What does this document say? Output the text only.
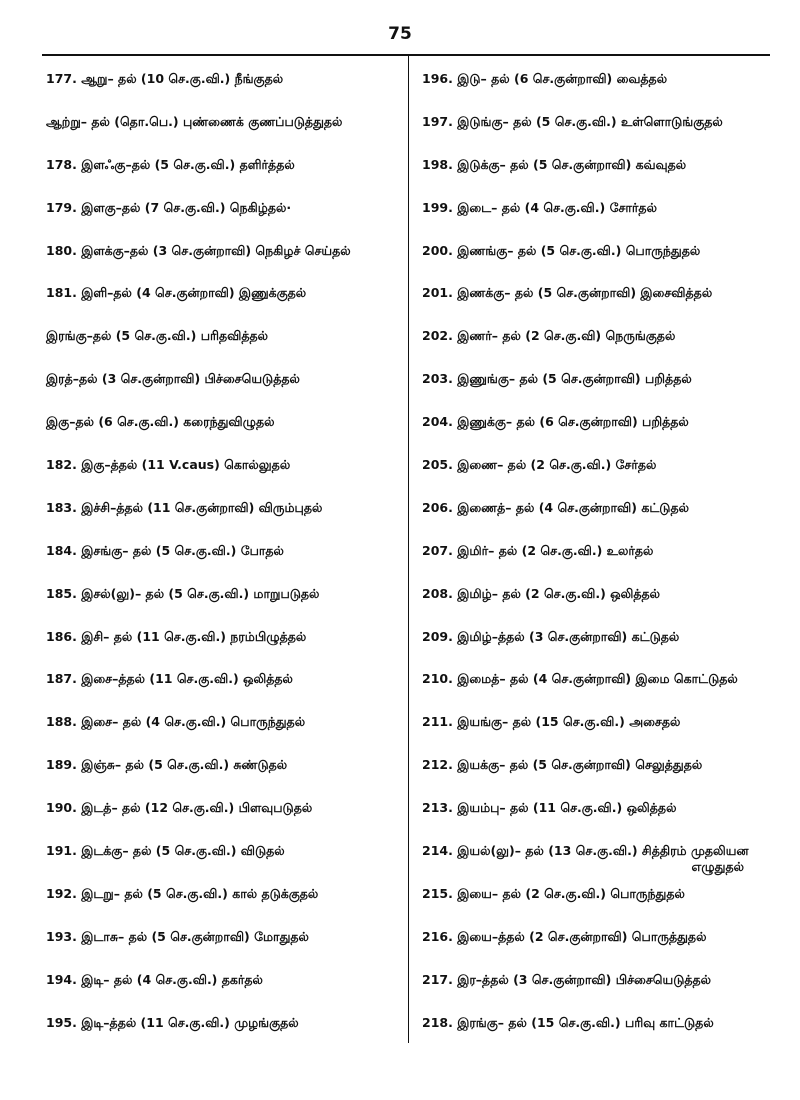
75
177. ஆறு– தல் (10 செ.கு.வி.) நீங்குதல்
ஆற்று– தல் (தொ.பெ.) புண்ணைக் குணப்படுத்துதல்
178. இளஃகு–தல் (5 செ.கு.வி.) தளிர்த்தல்
179. இளகு–தல் (7 செ.கு.வி.) நெகிழ்தல்·
180. இளக்கு–தல் (3 செ.குன்றாவி) நெகிழச் செய்தல்
181. இளி–தல் (4 செ.குன்றாவி) இணுக்குதல்
இரங்கு–தல் (5 செ.கு.வி.) பரிதவித்தல்
இரத்–தல் (3 செ.குன்றாவி) பிச்சையெடுத்தல்
இகு–தல் (6 செ.கு.வி.) கரைந்துவிழுதல்
182. இகு–த்தல் (11 V.caus) கொல்லுதல்
183. இச்சி–த்தல் (11 செ.குன்றாவி) விரும்புதல்
184. இசங்கு– தல் (5 செ.கு.வி.) போதல்
185. இசல்(லு)– தல் (5 செ.கு.வி.) மாறுபடுதல்
186. இசி– தல் (11 செ.கு.வி.) நரம்பிழுத்தல்
187. இசை–த்தல் (11 செ.கு.வி.) ஒலித்தல்
188. இசை– தல் (4 செ.கு.வி.) பொருந்துதல்
189. இஞ்சு– தல் (5 செ.கு.வி.) சுண்டுதல்
190. இடத்– தல் (12 செ.கு.வி.) பிளவுபடுதல்
191. இடக்கு– தல் (5 செ.கு.வி.) விடுதல்
192. இடறு– தல் (5 செ.கு.வி.) கால் தடுக்குதல்
193. இடாசு– தல் (5 செ.குன்றாவி) மோதுதல்
194. இடி– தல் (4 செ.கு.வி.) தகர்தல்
195. இடி–த்தல் (11 செ.கு.வி.) முழங்குதல்
196. இடு– தல் (6 செ.குன்றாவி) வைத்தல்
197. இடுங்கு– தல் (5 செ.கு.வி.) உள்ளொடுங்குதல்
198. இடுக்கு– தல் (5 செ.குன்றாவி) கவ்வுதல்
199. இடை– தல் (4 செ.கு.வி.) சோர்தல்
200. இணங்கு– தல் (5 செ.கு.வி.) பொருந்துதல்
201. இணக்கு– தல் (5 செ.குன்றாவி) இசைவித்தல்
202. இணர்– தல் (2 செ.கு.வி) நெருங்குதல்
203. இணுங்கு– தல் (5 செ.குன்றாவி) பறித்தல்
204. இணுக்கு– தல் (6 செ.குன்றாவி) பறித்தல்
205. இணை– தல் (2 செ.கு.வி.) சேர்தல்
206. இணைத்– தல் (4 செ.குன்றாவி) கட்டுதல்
207. இமிர்– தல் (2 செ.கு.வி.) உலர்தல்
208. இமிழ்– தல் (2 செ.கு.வி.) ஒலித்தல்
209. இமிழ்–த்தல் (3 செ.குன்றாவி) கட்டுதல்
210. இமைத்– தல் (4 செ.குன்றாவி) இமை கொட்டுதல்
211. இயங்கு– தல் (15 செ.கு.வி.) அசைதல்
212. இயக்கு– தல் (5 செ.குன்றாவி) செலுத்துதல்
213. இயம்பு– தல் (11 செ.கு.வி.) ஒலித்தல்
214. இயல்(லு)– தல் (13 செ.கு.வி.) சித்திரம் முதலியன
எழுதுதல்
215. இயை– தல் (2 செ.கு.வி.) பொருந்துதல்
216. இயை–த்தல் (2 செ.குன்றாவி) பொருத்துதல்
217. இர–த்தல் (3 செ.குன்றாவி) பிச்சையெடுத்தல்
218. இரங்கு– தல் (15 செ.கு.வி.) பரிவு காட்டுதல்
